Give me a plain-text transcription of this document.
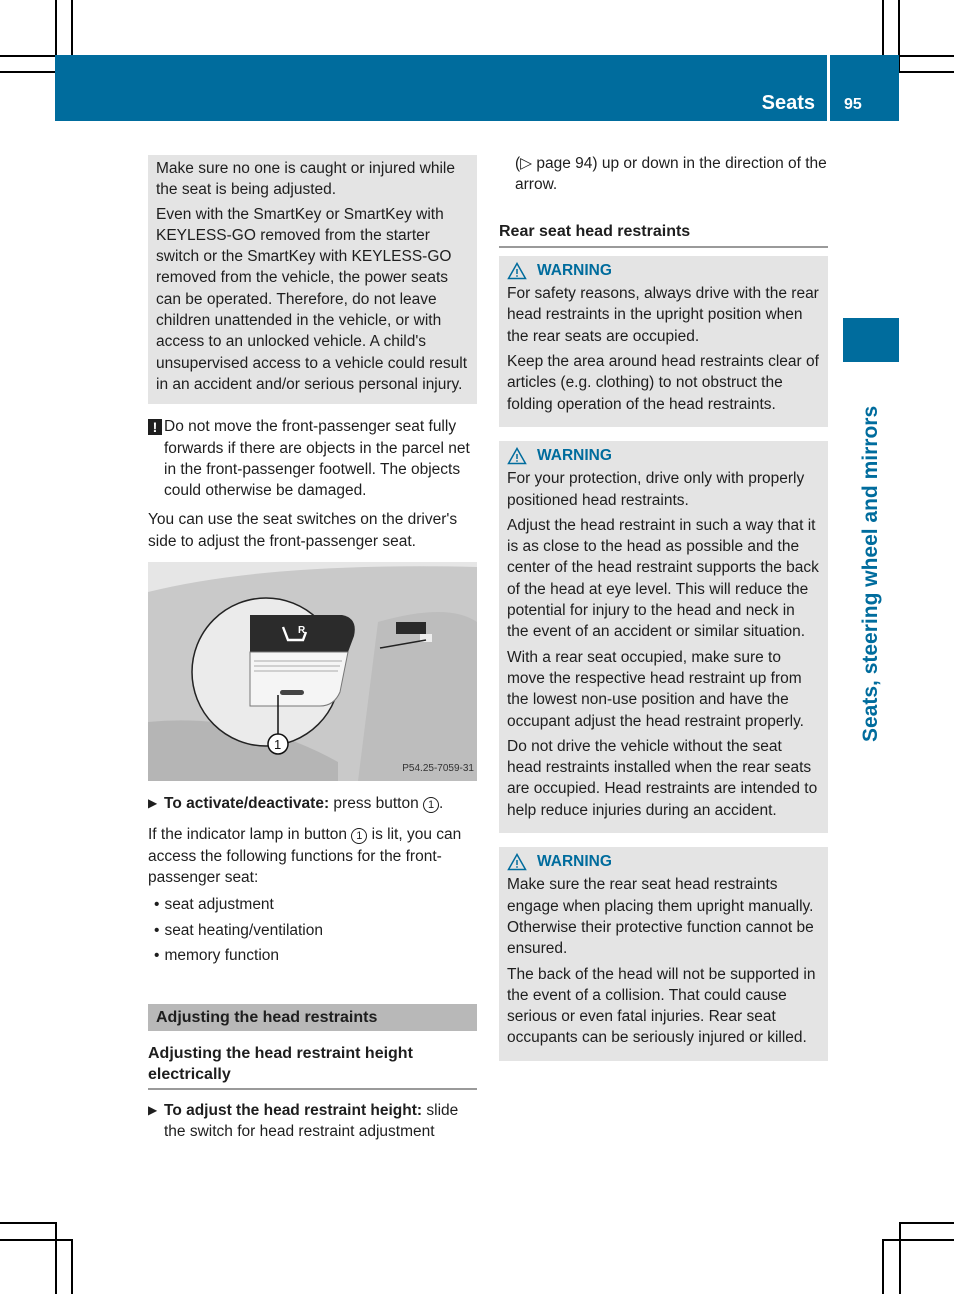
Seats 95
Seats, steering wheel and mirrors

Make sure no one is caught or injured while the seat is being adjusted.

Even with the SmartKey or SmartKey with KEYLESS-GO removed from the starter switch or the SmartKey with KEYLESS-GO removed from the vehicle, the power seats can be operated. Therefore, do not leave children unattended in the vehicle, or with access to an unlocked vehicle. A child's unsupervised access to a vehicle could result in an accident and/or serious personal injury.

! Do not move the front-passenger seat fully forwards if there are objects in the parcel net in the front-passenger footwell. The objects could otherwise be damaged.

You can use the seat switches on the driver's side to adjust the front-passenger seat.

R
1
P54.25-7059-31
▶ To activate/deactivate: press button 1 .

If the indicator lamp in button 1 is lit, you can access the following functions for the front-passenger seat:

• seat adjustment
• seat heating/ventilation
• memory function
Adjusting the head restraints
Adjusting the head restraint height electrically
▶ To adjust the head restraint height: slide the switch for head restraint adjustment

(▷ page 94) up or down in the direction of the arrow.

Rear seat head restraints
WARNING

For safety reasons, always drive with the rear head restraints in the upright position when the rear seats are occupied.

Keep the area around head restraints clear of articles (e.g. clothing) to not obstruct the folding operation of the head restraints.

WARNING

For your protection, drive only with properly positioned head restraints.

Adjust the head restraint in such a way that it is as close to the head as possible and the center of the head restraint supports the back of the head at eye level. This will reduce the potential for injury to the head and neck in the event of an accident or similar situation.

With a rear seat occupied, make sure to move the respective head restraint up from the lowest non-use position and have the occupant adjust the head restraint properly.

Do not drive the vehicle without the seat head restraints installed when the rear seats are occupied. Head restraints are intended to help reduce injuries during an accident.

WARNING

Make sure the rear seat head restraints engage when placing them upright manually. Otherwise their protective function cannot be ensured.

The back of the head will not be supported in the event of a collision. That could cause serious or even fatal injuries. Rear seat occupants can be seriously injured or killed.
